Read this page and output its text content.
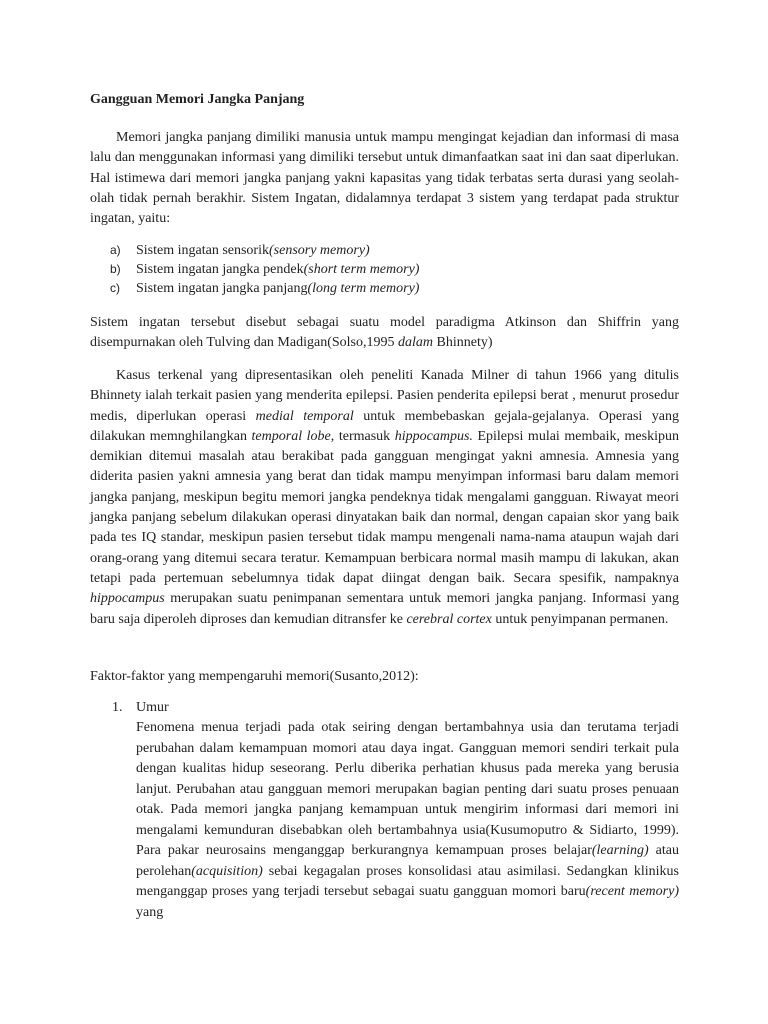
Gangguan Memori Jangka Panjang

Memori jangka panjang dimiliki manusia untuk mampu mengingat kejadian dan informasi di masa lalu dan menggunakan informasi yang dimiliki tersebut untuk dimanfaatkan saat ini dan saat diperlukan. Hal istimewa dari memori jangka panjang yakni kapasitas yang tidak terbatas serta durasi yang seolah-olah tidak pernah berakhir. Sistem Ingatan, didalamnya terdapat 3 sistem yang terdapat pada struktur ingatan, yaitu:

a)	Sistem ingatan sensorik(sensory memory)
b)	Sistem ingatan jangka pendek(short term memory)
c)	Sistem ingatan jangka panjang(long term memory)

Sistem ingatan tersebut disebut sebagai suatu model paradigma Atkinson dan Shiffrin yang disempurnakan oleh Tulving dan Madigan(Solso,1995 dalam Bhinnety)

Kasus terkenal yang dipresentasikan oleh peneliti Kanada Milner di tahun 1966 yang ditulis Bhinnety ialah terkait pasien yang menderita epilepsi. Pasien penderita epilepsi berat , menurut prosedur medis, diperlukan operasi medial temporal untuk membebaskan gejala-gejalanya. Operasi yang dilakukan memnghilangkan temporal lobe, termasuk hippocampus. Epilepsi mulai membaik, meskipun demikian ditemui masalah atau berakibat pada gangguan mengingat yakni amnesia. Amnesia yang diderita pasien yakni amnesia yang berat dan tidak mampu menyimpan informasi baru dalam memori jangka panjang, meskipun begitu memori jangka pendeknya tidak mengalami gangguan. Riwayat meori jangka panjang sebelum dilakukan operasi dinyatakan baik dan normal, dengan capaian skor yang baik pada tes IQ standar, meskipun pasien tersebut tidak mampu mengenali nama-nama ataupun wajah dari orang-orang yang ditemui secara teratur. Kemampuan berbicara normal masih mampu di lakukan, akan tetapi pada pertemuan sebelumnya tidak dapat diingat dengan baik. Secara spesifik, nampaknya hippocampus merupakan suatu penimpanan sementara untuk memori jangka panjang. Informasi yang baru saja diperoleh diproses dan kemudian ditransfer ke cerebral cortex untuk penyimpanan permanen.

Faktor-faktor yang mempengaruhi memori(Susanto,2012):

1. Umur

Fenomena menua terjadi pada otak seiring dengan bertambahnya usia dan terutama terjadi perubahan dalam kemampuan momori atau daya ingat. Gangguan memori sendiri terkait pula dengan kualitas hidup seseorang. Perlu diberika perhatian khusus pada mereka yang berusia lanjut. Perubahan atau gangguan memori merupakan bagian penting dari suatu proses penuaan otak. Pada memori jangka panjang kemampuan untuk mengirim informasi dari memori ini mengalami kemunduran disebabkan oleh bertambahnya usia(Kusumoputro & Sidiarto, 1999). Para pakar neurosains menganggap berkurangnya kemampuan proses belajar(learning) atau perolehan(acquisition) sebai kegagalan proses konsolidasi atau asimilasi. Sedangkan klinikus menganggap proses yang terjadi tersebut sebagai suatu gangguan momori baru(recent memory) yang
